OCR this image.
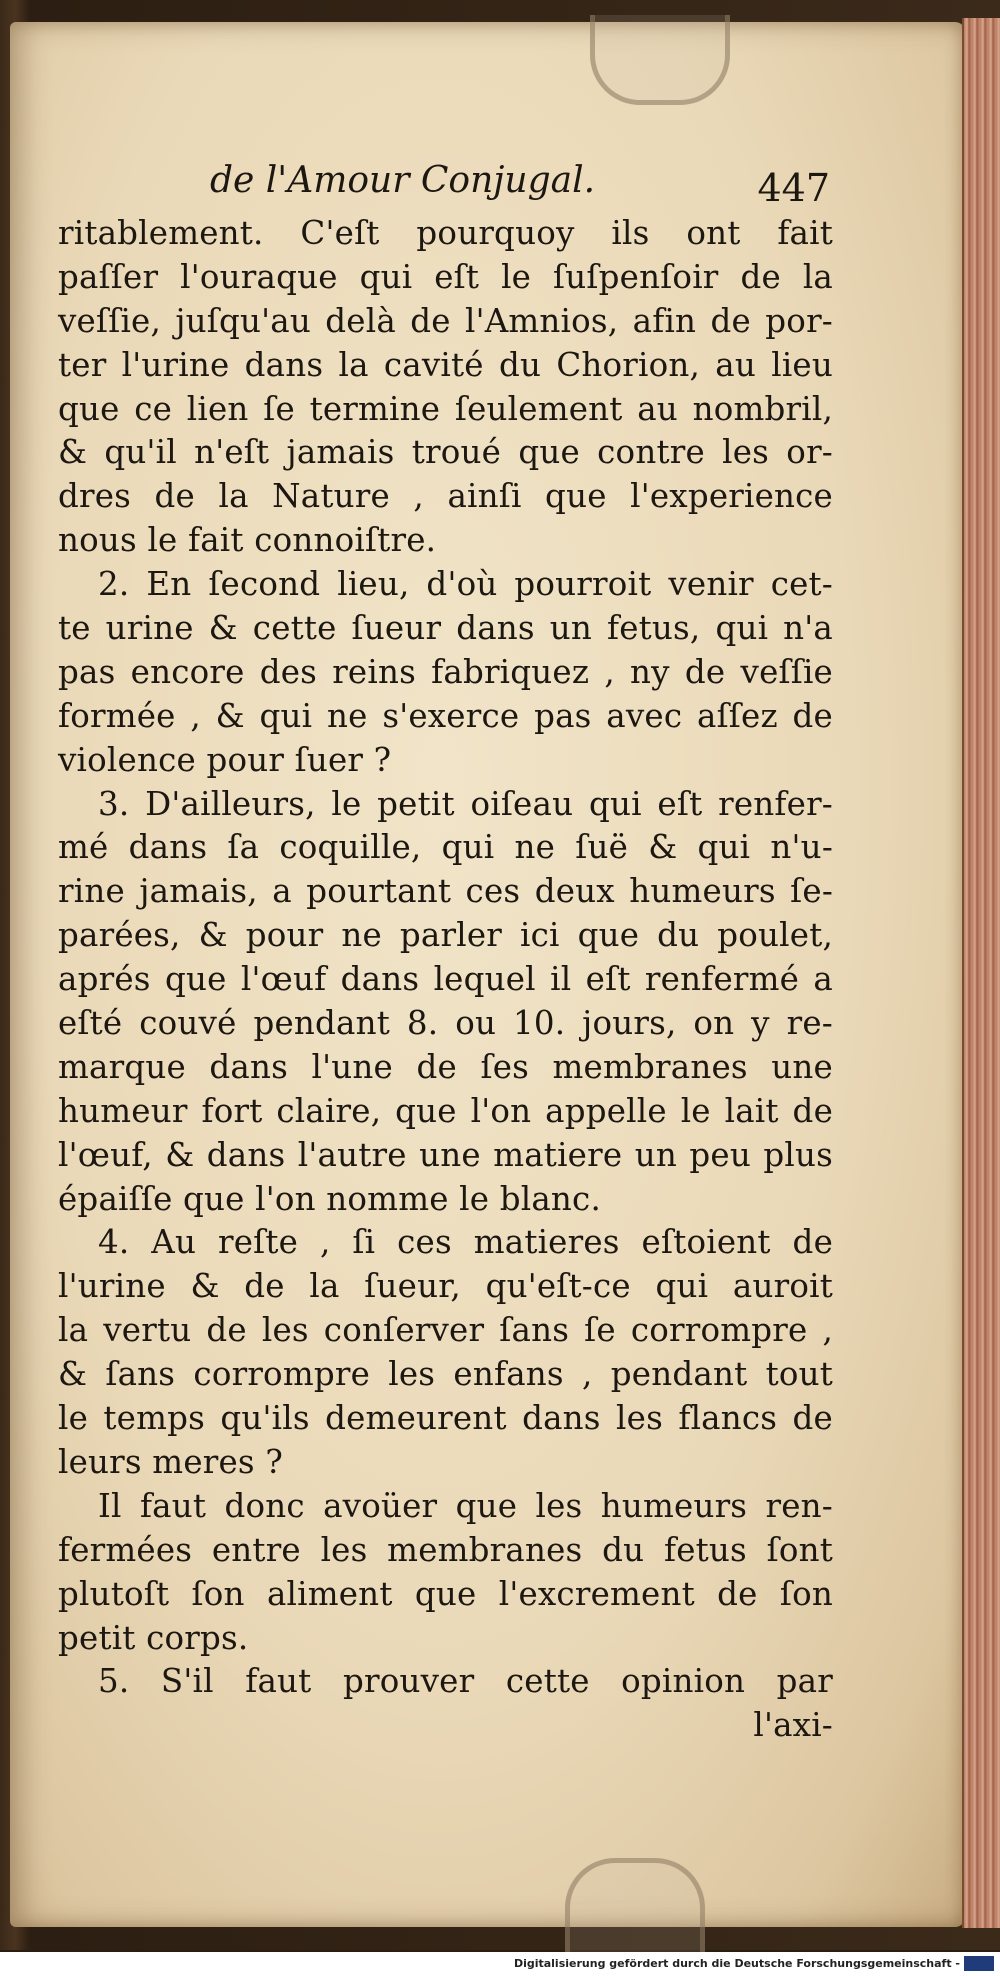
de l'Amour Conjugal.	447
ritablement. C'eſt pourquoy ils ont fait
paſſer l'ouraque qui eſt le ſuſpenſoir de la
veſſie, juſqu'au delà de l'Amnios, afin de por-
ter l'urine dans la cavité du Chorion, au lieu
que ce lien ſe termine ſeulement au nombril,
& qu'il n'eſt jamais troué que contre les or-
dres de la Nature , ainſi que l'experience
nous le fait connoiſtre.
2. En ſecond lieu, d'où pourroit venir cet-
te urine & cette ſueur dans un fetus, qui n'a
pas encore des reins fabriquez , ny de veſſie
formée , & qui ne s'exerce pas avec aſſez de
violence pour ſuer ?
3. D'ailleurs, le petit oiſeau qui eſt renfer-
mé dans ſa coquille, qui ne ſuë & qui n'u-
rine jamais, a pourtant ces deux humeurs ſe-
parées, & pour ne parler ici que du poulet,
aprés que l'œuf dans lequel il eſt renfermé a
eſté couvé pendant 8. ou 10. jours, on y re-
marque dans l'une de ſes membranes une
humeur fort claire, que l'on appelle le lait de
l'œuf, & dans l'autre une matiere un peu plus
épaiſſe que l'on nomme le blanc.
4. Au reſte , ſi ces matieres eſtoient de
l'urine & de la ſueur, qu'eſt-ce qui auroit
la vertu de les conſerver ſans ſe corrompre ,
& ſans corrompre les enfans , pendant tout
le temps qu'ils demeurent dans les flancs de
leurs meres ?
Il faut donc avoüer que les humeurs ren-
fermées entre les membranes du fetus ſont
plutoſt ſon aliment que l'excrement de ſon
petit corps.
5. S'il faut prouver cette opinion par
l'axi-
Digitalisierung gefördert durch die Deutsche Forschungsgemeinschaft -
